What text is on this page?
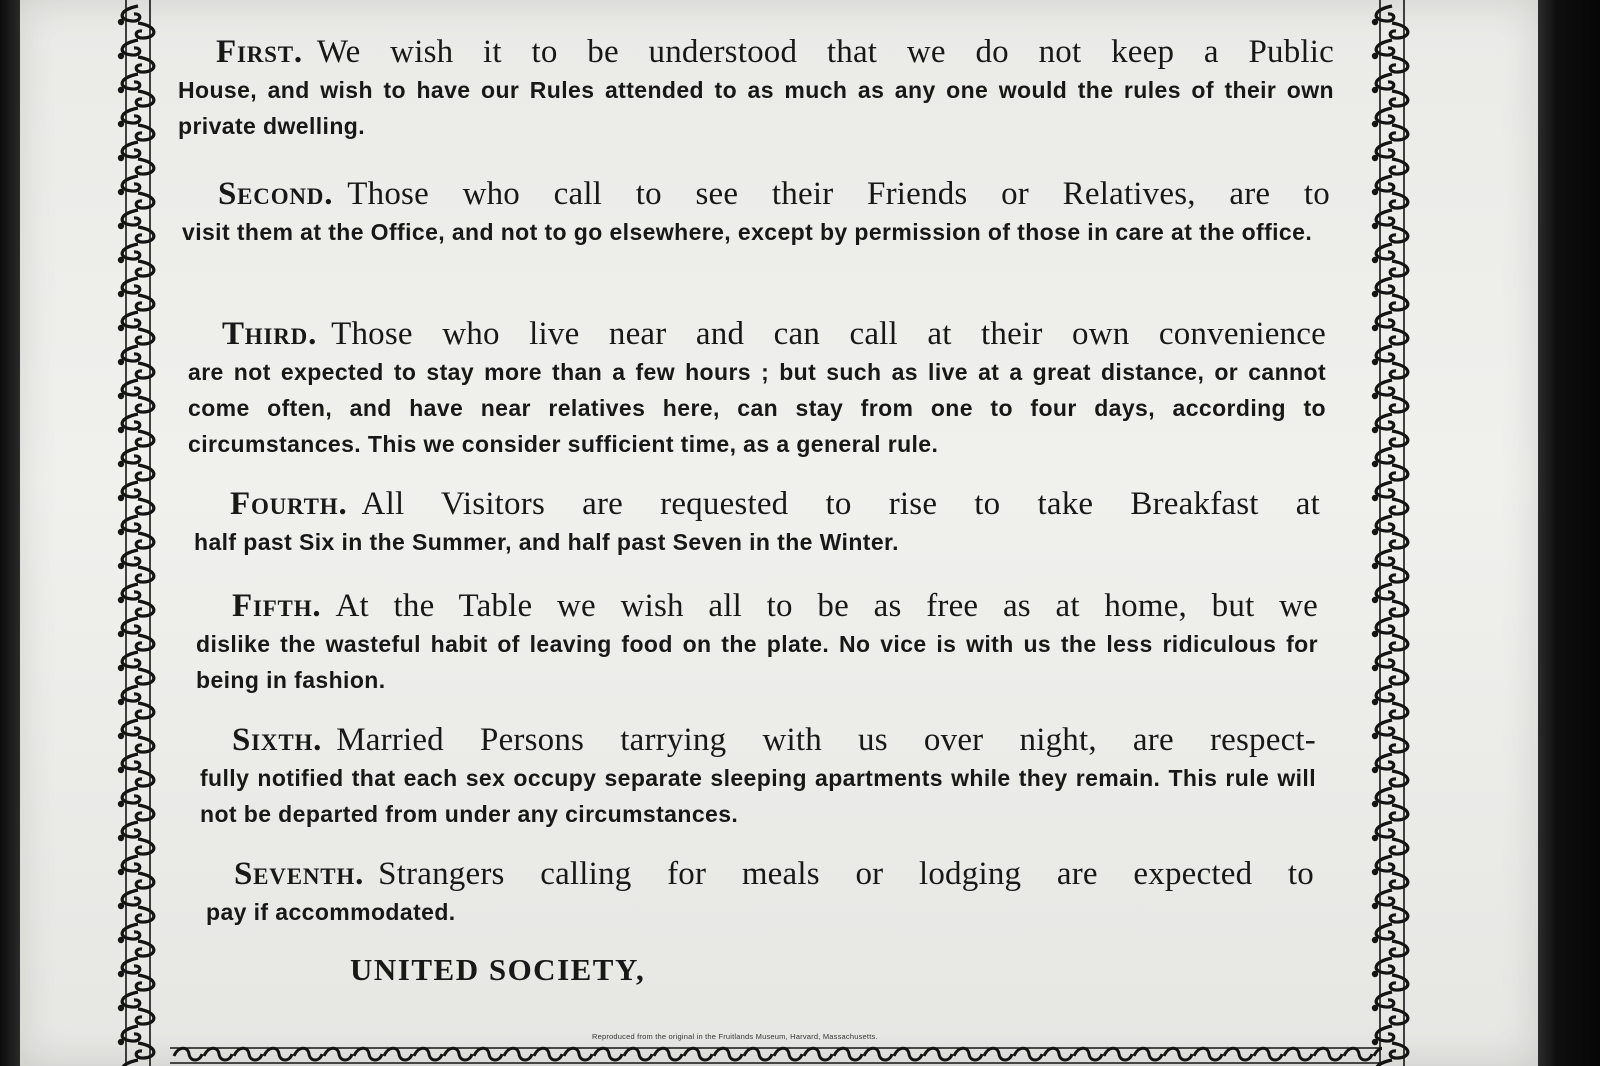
First. We wish it to be understood that we do not keep a Public

House, and wish to have our Rules attended to as much as any one would the rules of their own private dwelling.

Second. Those who call to see their Friends or Relatives, are to

visit them at the Office, and not to go elsewhere, except by permission of those in care at the office.

Third. Those who live near and can call at their own convenience

are not expected to stay more than a few hours ; but such as live at a great distance, or cannot come often, and have near relatives here, can stay from one to four days, according to circumstances. This we consider sufficient time, as a general rule.

Fourth. All Visitors are requested to rise to take Breakfast at

half past Six in the Summer, and half past Seven in the Winter.

Fifth. At the Table we wish all to be as free as at home, but we

dislike the wasteful habit of leaving food on the plate. No vice is with us the less ridiculous for being in fashion.

Sixth. Married Persons tarrying with us over night, are respect-

fully notified that each sex occupy separate sleeping apartments while they remain. This rule will not be departed from under any circumstances.

Seventh. Strangers calling for meals or lodging are expected to

pay if accommodated.

UNITED SOCIETY,
Reproduced from the original in the Fruitlands Museum, Harvard, Massachusetts.
